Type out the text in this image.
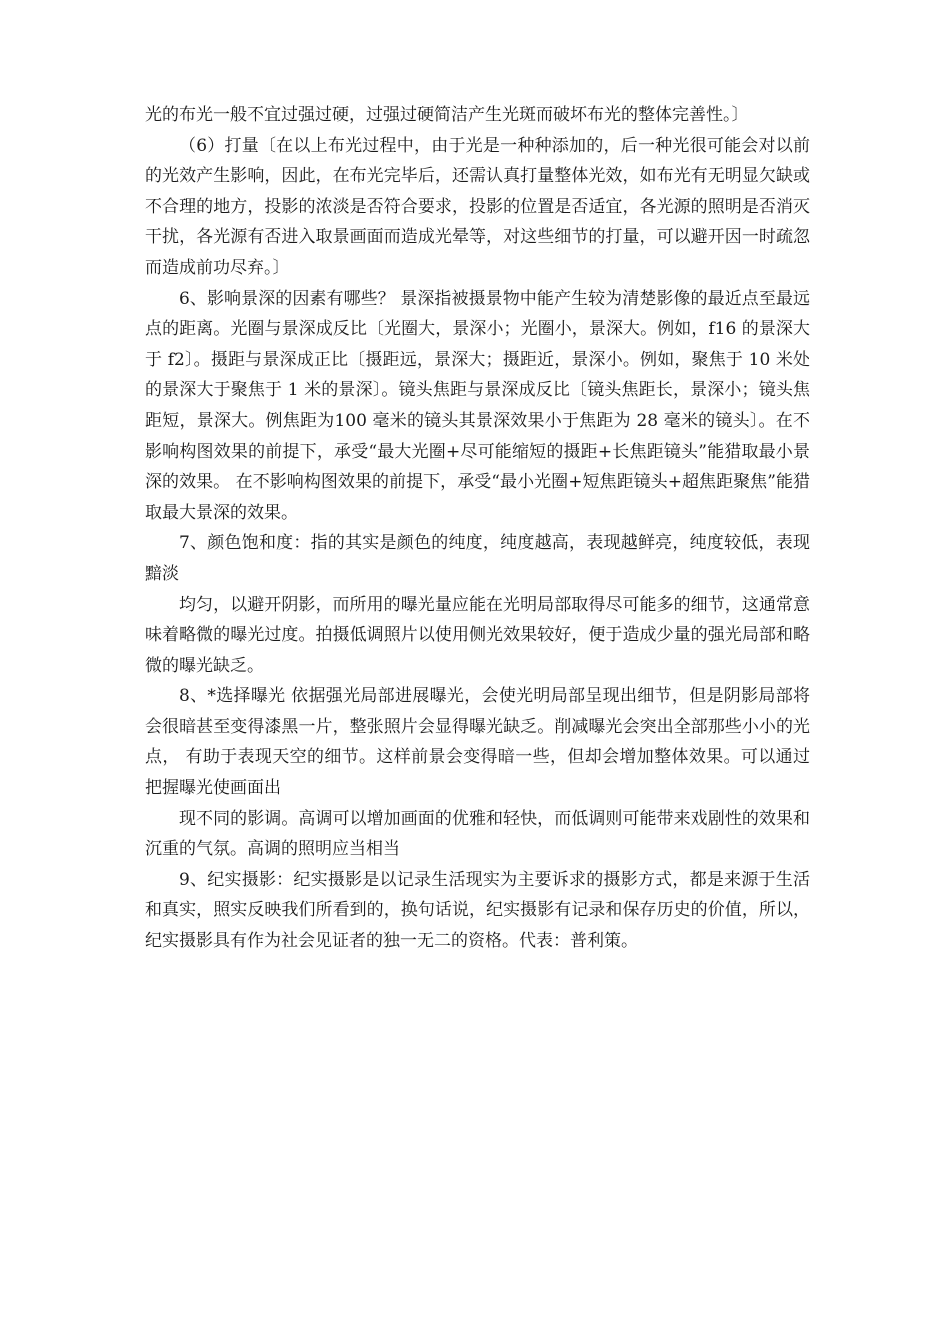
光的布光一般不宜过强过硬，过强过硬简洁产生光斑而破坏布光的整体完善性。〕

（6）打量〔在以上布光过程中，由于光是一种种添加的，后一种光很可能会对以前的光效产生影响，因此，在布光完毕后，还需认真打量整体光效，如布光有无明显欠缺或不合理的地方，投影的浓淡是否符合要求，投影的位置是否适宜，各光源的照明是否消灭干扰，各光源有否进入取景画面而造成光晕等，对这些细节的打量，可以避开因一时疏忽而造成前功尽弃。〕

6、影响景深的因素有哪些？ 景深指被摄景物中能产生较为清楚影像的最近点至最远点的距离。光圈与景深成反比〔光圈大，景深小；光圈小，景深大。例如，f16 的景深大于 f2〕。摄距与景深成正比〔摄距远，景深大；摄距近，景深小。例如，聚焦于 10 米处的景深大于聚焦于 1 米的景深〕。镜头焦距与景深成反比〔镜头焦距长，景深小；镜头焦距短，景深大。例焦距为100 毫米的镜头其景深效果小于焦距为 28 毫米的镜头〕。在不影响构图效果的前提下，承受“最大光圈+尽可能缩短的摄距+长焦距镜头”能猎取最小景深的效果。 在不影响构图效果的前提下，承受“最小光圈+短焦距镜头+超焦距聚焦”能猎取最大景深的效果。

7、颜色饱和度：指的其实是颜色的纯度，纯度越高，表现越鲜亮，纯度较低，表现黯淡

均匀，以避开阴影，而所用的曝光量应能在光明局部取得尽可能多的细节，这通常意味着略微的曝光过度。拍摄低调照片以使用侧光效果较好，便于造成少量的强光局部和略微的曝光缺乏。

8、*选择曝光 依据强光局部进展曝光，会使光明局部呈现出细节，但是阴影局部将会很暗甚至变得漆黑一片，整张照片会显得曝光缺乏。削减曝光会突出全部那些小小的光点， 有助于表现天空的细节。这样前景会变得暗一些，但却会增加整体效果。可以通过把握曝光使画面出

现不同的影调。高调可以增加画面的优雅和轻快，而低调则可能带来戏剧性的效果和沉重的气氛。高调的照明应当相当

9、纪实摄影：纪实摄影是以记录生活现实为主要诉求的摄影方式，都是来源于生活和真实，照实反映我们所看到的，换句话说，纪实摄影有记录和保存历史的价值，所以，纪实摄影具有作为社会见证者的独一无二的资格。代表：普利策。
